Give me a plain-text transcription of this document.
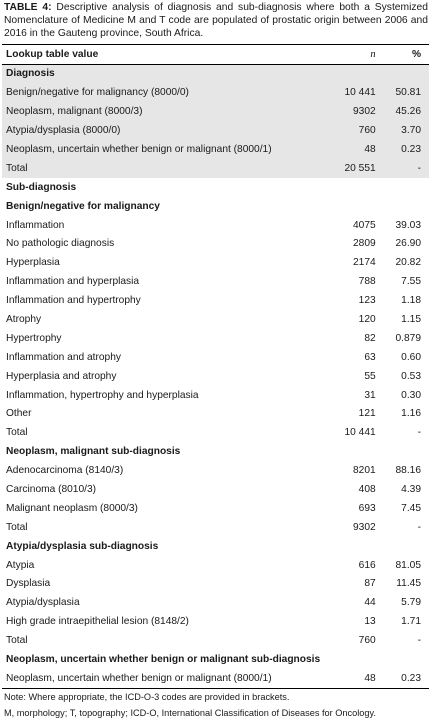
TABLE 4: Descriptive analysis of diagnosis and sub-diagnosis where both a Systemized Nomenclature of Medicine M and T code are populated of prostatic origin between 2006 and 2016 in the Gauteng province, South Africa.
Lookup table value	n	%
Diagnosis		
Benign/negative for malignancy (8000/0)	10 441	50.81
Neoplasm, malignant (8000/3)	9302	45.26
Atypia/dysplasia (8000/0)	760	3.70
Neoplasm, uncertain whether benign or malignant (8000/1)	48	0.23
Total	20 551	-
Sub-diagnosis		
Benign/negative for malignancy		
Inflammation	4075	39.03
No pathologic diagnosis	2809	26.90
Hyperplasia	2174	20.82
Inflammation and hyperplasia	788	7.55
Inflammation and hypertrophy	123	1.18
Atrophy	120	1.15
Hypertrophy	82	0.879
Inflammation and atrophy	63	0.60
Hyperplasia and atrophy	55	0.53
Inflammation, hypertrophy and hyperplasia	31	0.30
Other	121	1.16
Total	10 441	-
Neoplasm, malignant sub-diagnosis		
Adenocarcinoma (8140/3)	8201	88.16
Carcinoma (8010/3)	408	4.39
Malignant neoplasm (8000/3)	693	7.45
Total	9302	-
Atypia/dysplasia sub-diagnosis		
Atypia	616	81.05
Dysplasia	87	11.45
Atypia/dysplasia	44	5.79
High grade intraepithelial lesion (8148/2)	13	1.71
Total	760	-
Neoplasm, uncertain whether benign or malignant sub-diagnosis		
Neoplasm, uncertain whether benign or malignant (8000/1)	48	0.23
Note: Where appropriate, the ICD-O-3 codes are provided in brackets.
M, morphology; T, topography; ICD-O, International Classification of Diseases for Oncology.
